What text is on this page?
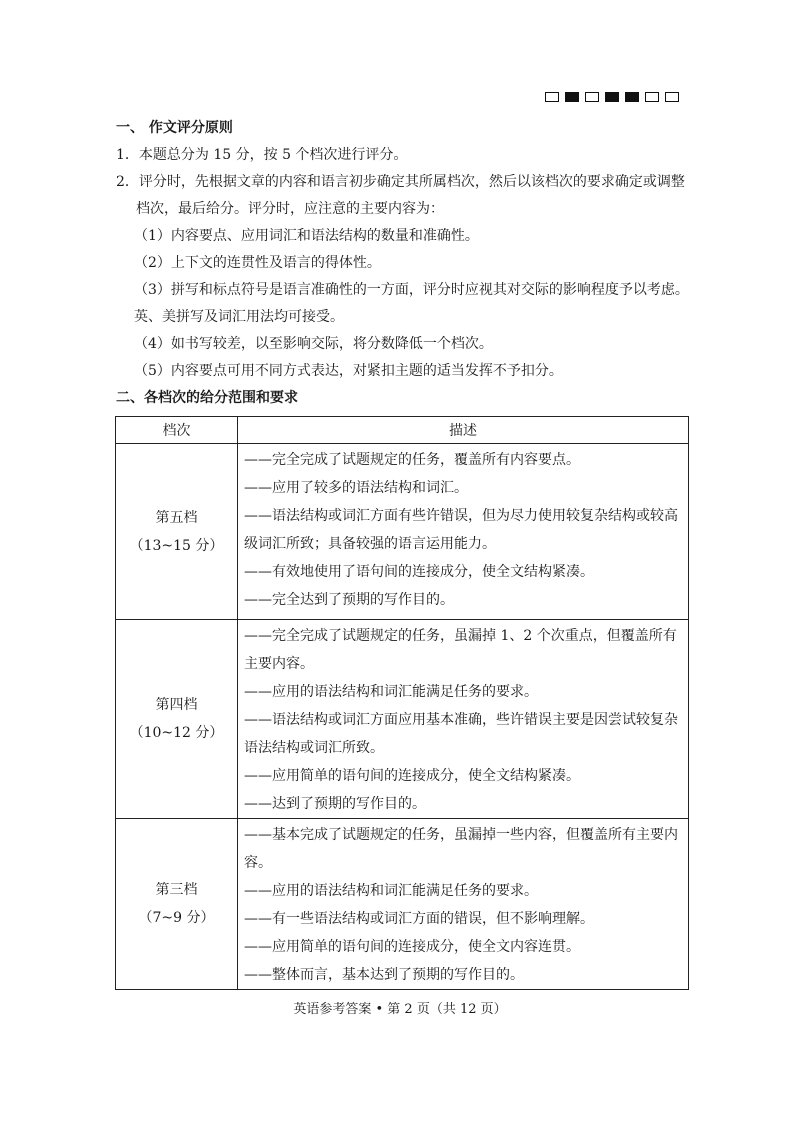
一、 作文评分原则
1．本题总分为 15 分，按 5 个档次进行评分。
2．评分时，先根据文章的内容和语言初步确定其所属档次，然后以该档次的要求确定或调整
档次，最后给分。评分时，应注意的主要内容为：
（1）内容要点、应用词汇和语法结构的数量和准确性。
（2）上下文的连贯性及语言的得体性。
（3）拼写和标点符号是语言准确性的一方面，评分时应视其对交际的影响程度予以考虑。
英、美拼写及词汇用法均可接受。
（4）如书写较差，以至影响交际，将分数降低一个档次。
（5）内容要点可用不同方式表达，对紧扣主题的适当发挥不予扣分。
二、各档次的给分范围和要求
档次	描述

第五档
（13~15 分）	——完全完成了试题规定的任务，覆盖所有内容要点。
——应用了较多的语法结构和词汇。
——语法结构或词汇方面有些许错误，但为尽力使用较复杂结构或较高级词汇所致；具备较强的语言运用能力。
——有效地使用了语句间的连接成分，使全文结构紧凑。
——完全达到了预期的写作目的。

第四档
（10~12 分）	——完全完成了试题规定的任务，虽漏掉 1、2 个次重点，但覆盖所有主要内容。
——应用的语法结构和词汇能满足任务的要求。
——语法结构或词汇方面应用基本准确，些许错误主要是因尝试较复杂语法结构或词汇所致。
——应用简单的语句间的连接成分，使全文结构紧凑。
——达到了预期的写作目的。

第三档
（7~9 分）	——基本完成了试题规定的任务，虽漏掉一些内容，但覆盖所有主要内容。
——应用的语法结构和词汇能满足任务的要求。
——有一些语法结构或词汇方面的错误，但不影响理解。
——应用简单的语句间的连接成分，使全文内容连贯。
——整体而言，基本达到了预期的写作目的。
英语参考答案 • 第 2 页（共 12 页）
